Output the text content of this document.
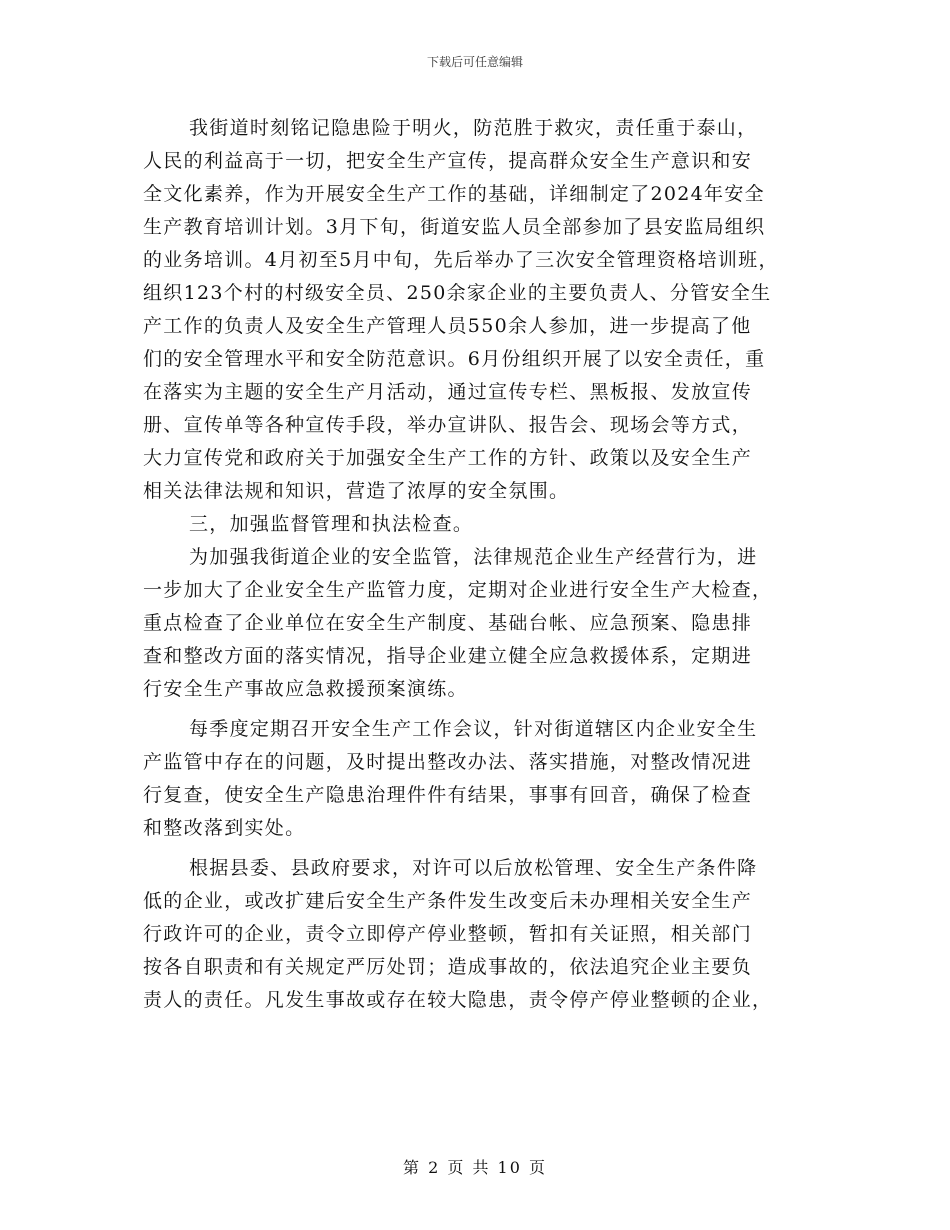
下载后可任意编辑
我街道时刻铭记隐患险于明火，防范胜于救灾，责任重于泰山，
人民的利益高于一切，把安全生产宣传，提高群众安全生产意识和安
全文化素养，作为开展安全生产工作的基础，详细制定了2024年安全
生产教育培训计划。3月下旬，街道安监人员全部参加了县安监局组织
的业务培训。4月初至5月中旬，先后举办了三次安全管理资格培训班，
组织123个村的村级安全员、250余家企业的主要负责人、分管安全生
产工作的负责人及安全生产管理人员550余人参加，进一步提高了他
们的安全管理水平和安全防范意识。6月份组织开展了以安全责任，重
在落实为主题的安全生产月活动，通过宣传专栏、黑板报、发放宣传
册、宣传单等各种宣传手段，举办宣讲队、报告会、现场会等方式，
大力宣传党和政府关于加强安全生产工作的方针、政策以及安全生产
相关法律法规和知识，营造了浓厚的安全氛围。
三，加强监督管理和执法检查。
为加强我街道企业的安全监管，法律规范企业生产经营行为，进
一步加大了企业安全生产监管力度，定期对企业进行安全生产大检查，
重点检查了企业单位在安全生产制度、基础台帐、应急预案、隐患排
查和整改方面的落实情况，指导企业建立健全应急救援体系，定期进
行安全生产事故应急救援预案演练。
每季度定期召开安全生产工作会议，针对街道辖区内企业安全生
产监管中存在的问题，及时提出整改办法、落实措施，对整改情况进
行复查，使安全生产隐患治理件件有结果，事事有回音，确保了检查
和整改落到实处。
根据县委、县政府要求，对许可以后放松管理、安全生产条件降
低的企业，或改扩建后安全生产条件发生改变后未办理相关安全生产
行政许可的企业，责令立即停产停业整顿，暂扣有关证照，相关部门
按各自职责和有关规定严厉处罚；造成事故的，依法追究企业主要负
责人的责任。凡发生事故或存在较大隐患，责令停产停业整顿的企业，
第 2 页 共 10 页
